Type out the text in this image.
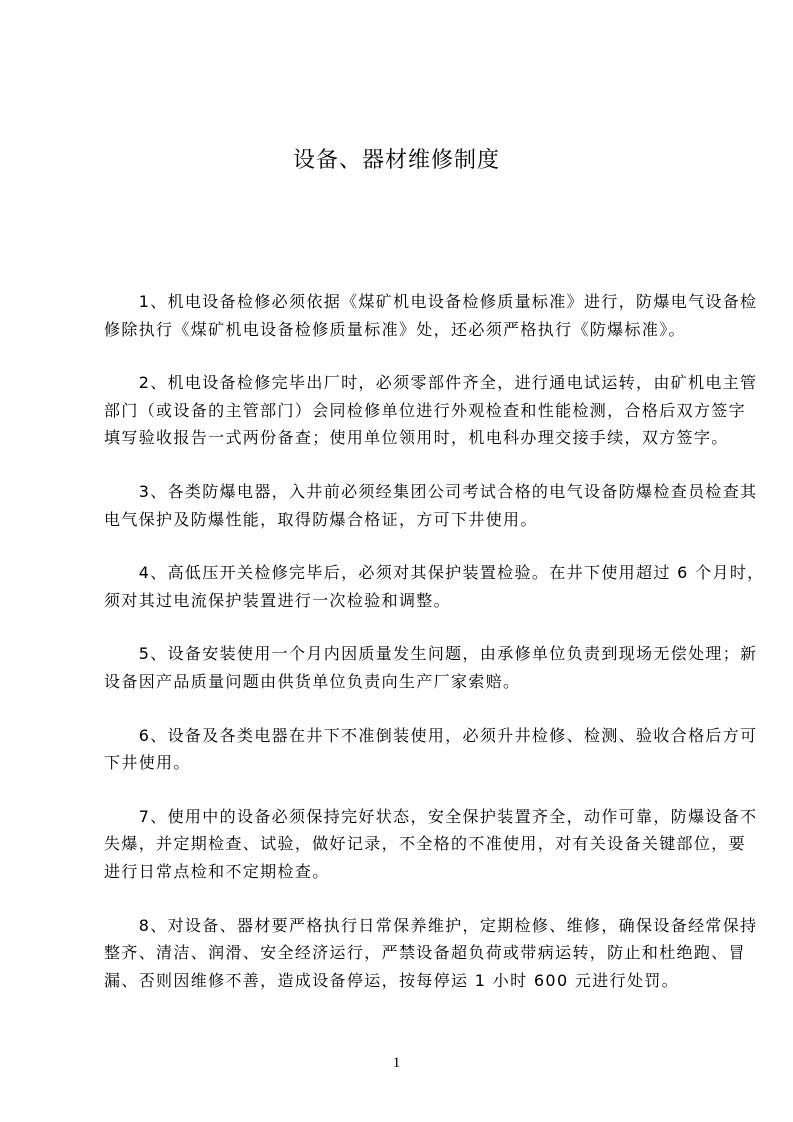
设备、器材维修制度
　　1、机电设备检修必须依据《煤矿机电设备检修质量标准》进行，防爆电气设备检
修除执行《煤矿机电设备检修质量标准》处，还必须严格执行《防爆标准》。
　　2、机电设备检修完毕出厂时，必须零部件齐全，进行通电试运转，由矿机电主管
部门（或设备的主管部门）会同检修单位进行外观检查和性能检测，合格后双方签字
填写验收报告一式两份备查；使用单位领用时，机电科办理交接手续，双方签字。
　　3、各类防爆电器，入井前必须经集团公司考试合格的电气设备防爆检查员检查其
电气保护及防爆性能，取得防爆合格证，方可下井使用。
　　4、高低压开关检修完毕后，必须对其保护装置检验。在井下使用超过 6 个月时，
须对其过电流保护装置进行一次检验和调整。
　　5、设备安装使用一个月内因质量发生问题，由承修单位负责到现场无偿处理；新
设备因产品质量问题由供货单位负责向生产厂家索赔。
　　6、设备及各类电器在井下不准倒装使用，必须升井检修、检测、验收合格后方可
下井使用。
　　7、使用中的设备必须保持完好状态，安全保护装置齐全，动作可靠，防爆设备不
失爆，并定期检查、试验，做好记录，不全格的不准使用，对有关设备关键部位，要
进行日常点检和不定期检查。
　　8、对设备、器材要严格执行日常保养维护，定期检修、维修，确保设备经常保持
整齐、清洁、润滑、安全经济运行，严禁设备超负荷或带病运转，防止和杜绝跑、冒
漏、否则因维修不善，造成设备停运，按每停运 1 小时 600 元进行处罚。
1
